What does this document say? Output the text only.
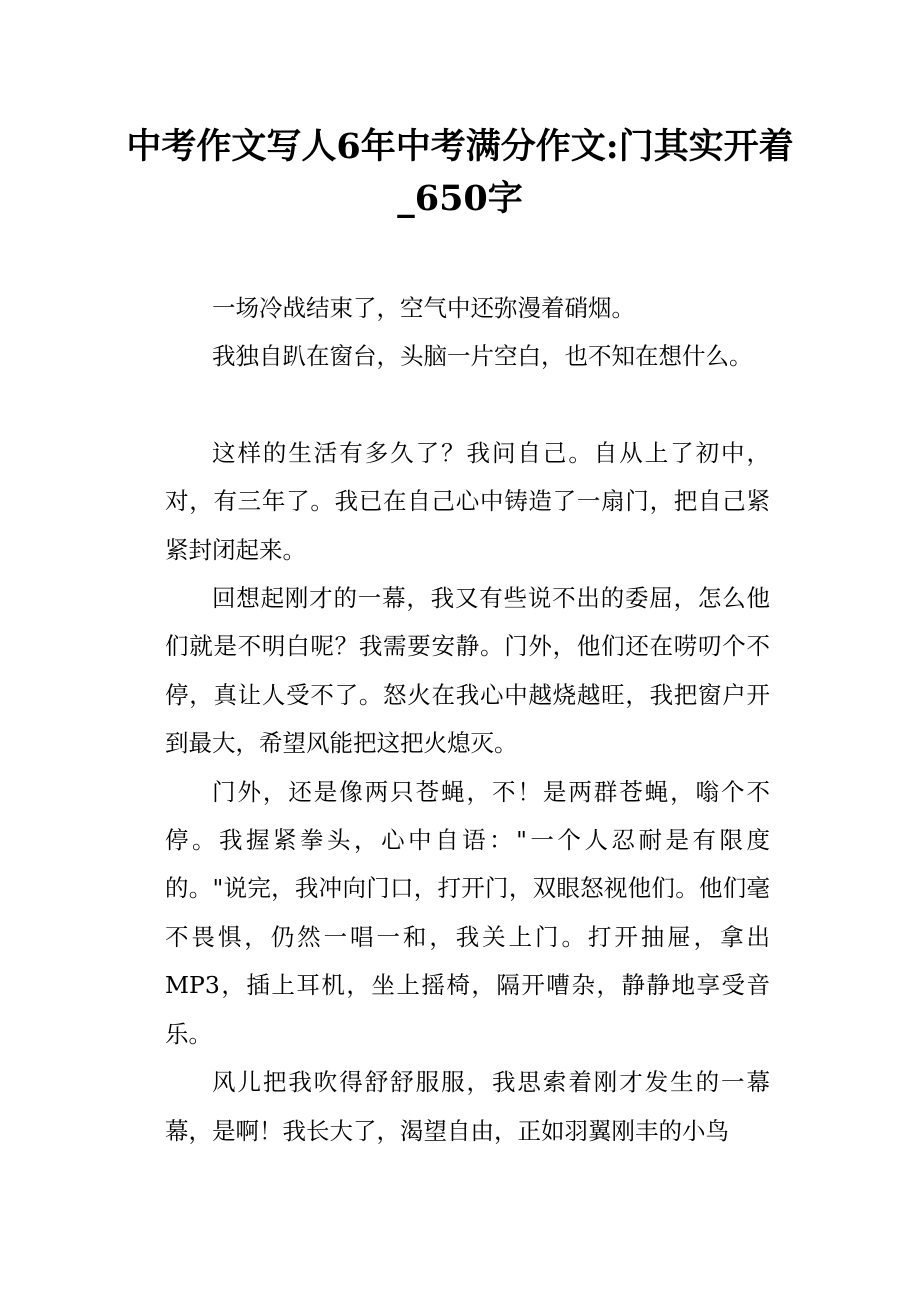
中考作文写人6年中考满分作文:门其实开着_650字

一场冷战结束了，空气中还弥漫着硝烟。

我独自趴在窗台，头脑一片空白，也不知在想什么。

这样的生活有多久了？我问自己。自从上了初中，对，有三年了。我已在自己心中铸造了一扇门，把自己紧紧封闭起来。

回想起刚才的一幕，我又有些说不出的委屈，怎么他们就是不明白呢？我需要安静。门外，他们还在唠叨个不停，真让人受不了。怒火在我心中越烧越旺，我把窗户开到最大，希望风能把这把火熄灭。

门外，还是像两只苍蝇，不！是两群苍蝇，嗡个不停。我握紧拳头，心中自语："一个人忍耐是有限度的。"说完，我冲向门口，打开门，双眼怒视他们。他们毫不畏惧，仍然一唱一和，我关上门。打开抽屉，拿出MP3，插上耳机，坐上摇椅，隔开嘈杂，静静地享受音乐。

风儿把我吹得舒舒服服，我思索着刚才发生的一幕幕，是啊！我长大了，渴望自由，正如羽翼刚丰的小鸟
